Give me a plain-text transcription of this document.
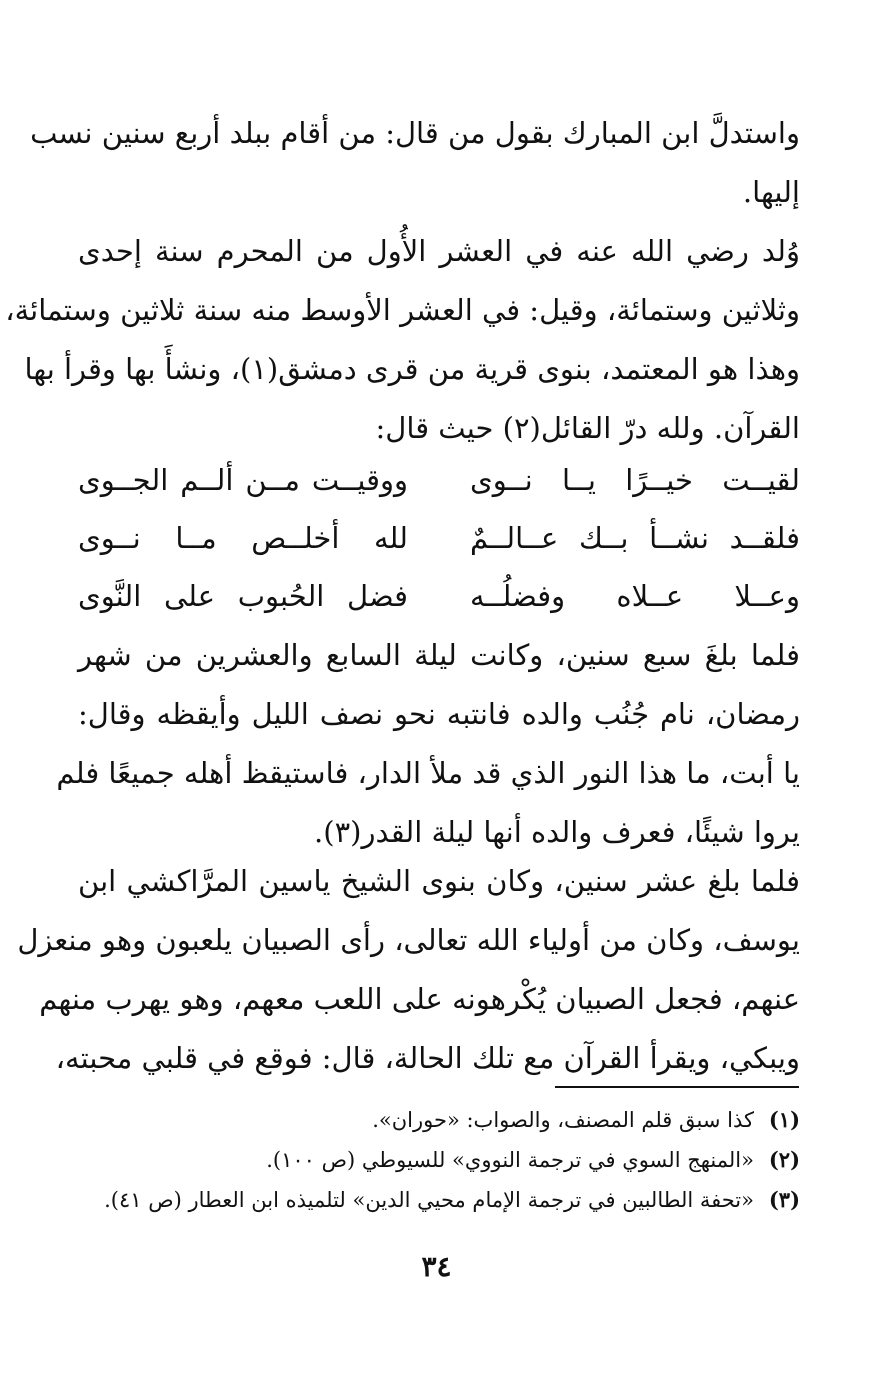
واستدلَّ ابن المبارك بقول من قال: من أقام ببلد أربع سنين نسب
إليها.
وُلد رضي الله عنه في العشر الأُول من المحرم سنة إحدى
وثلاثين وستمائة، وقيل: في العشر الأوسط منه سنة ثلاثين وستمائة،
وهذا هو المعتمد، بنوى قرية من قرى دمشق(١)، ونشأَ بها وقرأ بها
القرآن. ولله درّ القائل(٢) حيث قال:
لقيــت خيــرًا يــا نــوى
ووقيــت مــن ألــم الجــوى
فلقــد نشــأ بــك عــالــمٌ
لله أخلــص مــا نــوى
وعــلا عــلاه وفضلُــه
فضل الحُبوب على النَّوى
فلما بلغَ سبع سنين، وكانت ليلة السابع والعشرين من شهر
رمضان، نام جُنُب والده فانتبه نحو نصف الليل وأيقظه وقال:
يا أبت، ما هذا النور الذي قد ملأ الدار، فاستيقظ أهله جميعًا فلم
يروا شيئًا، فعرف والده أنها ليلة القدر(٣).
فلما بلغ عشر سنين، وكان بنوى الشيخ ياسين المرَّاكشي ابن
يوسف، وكان من أولياء الله تعالى، رأى الصبيان يلعبون وهو منعزل
عنهم، فجعل الصبيان يُكْرهونه على اللعب معهم، وهو يهرب منهم
ويبكي، ويقرأ القرآن مع تلك الحالة، قال: فوقع في قلبي محبته،
(١)
كذا سبق قلم المصنف، والصواب: «حوران».
(٢)
«المنهج السوي في ترجمة النووي» للسيوطي (ص ١٠٠).
(٣)
«تحفة الطالبين في ترجمة الإمام محيي الدين» لتلميذه ابن العطار (ص ٤١).
٣٤
